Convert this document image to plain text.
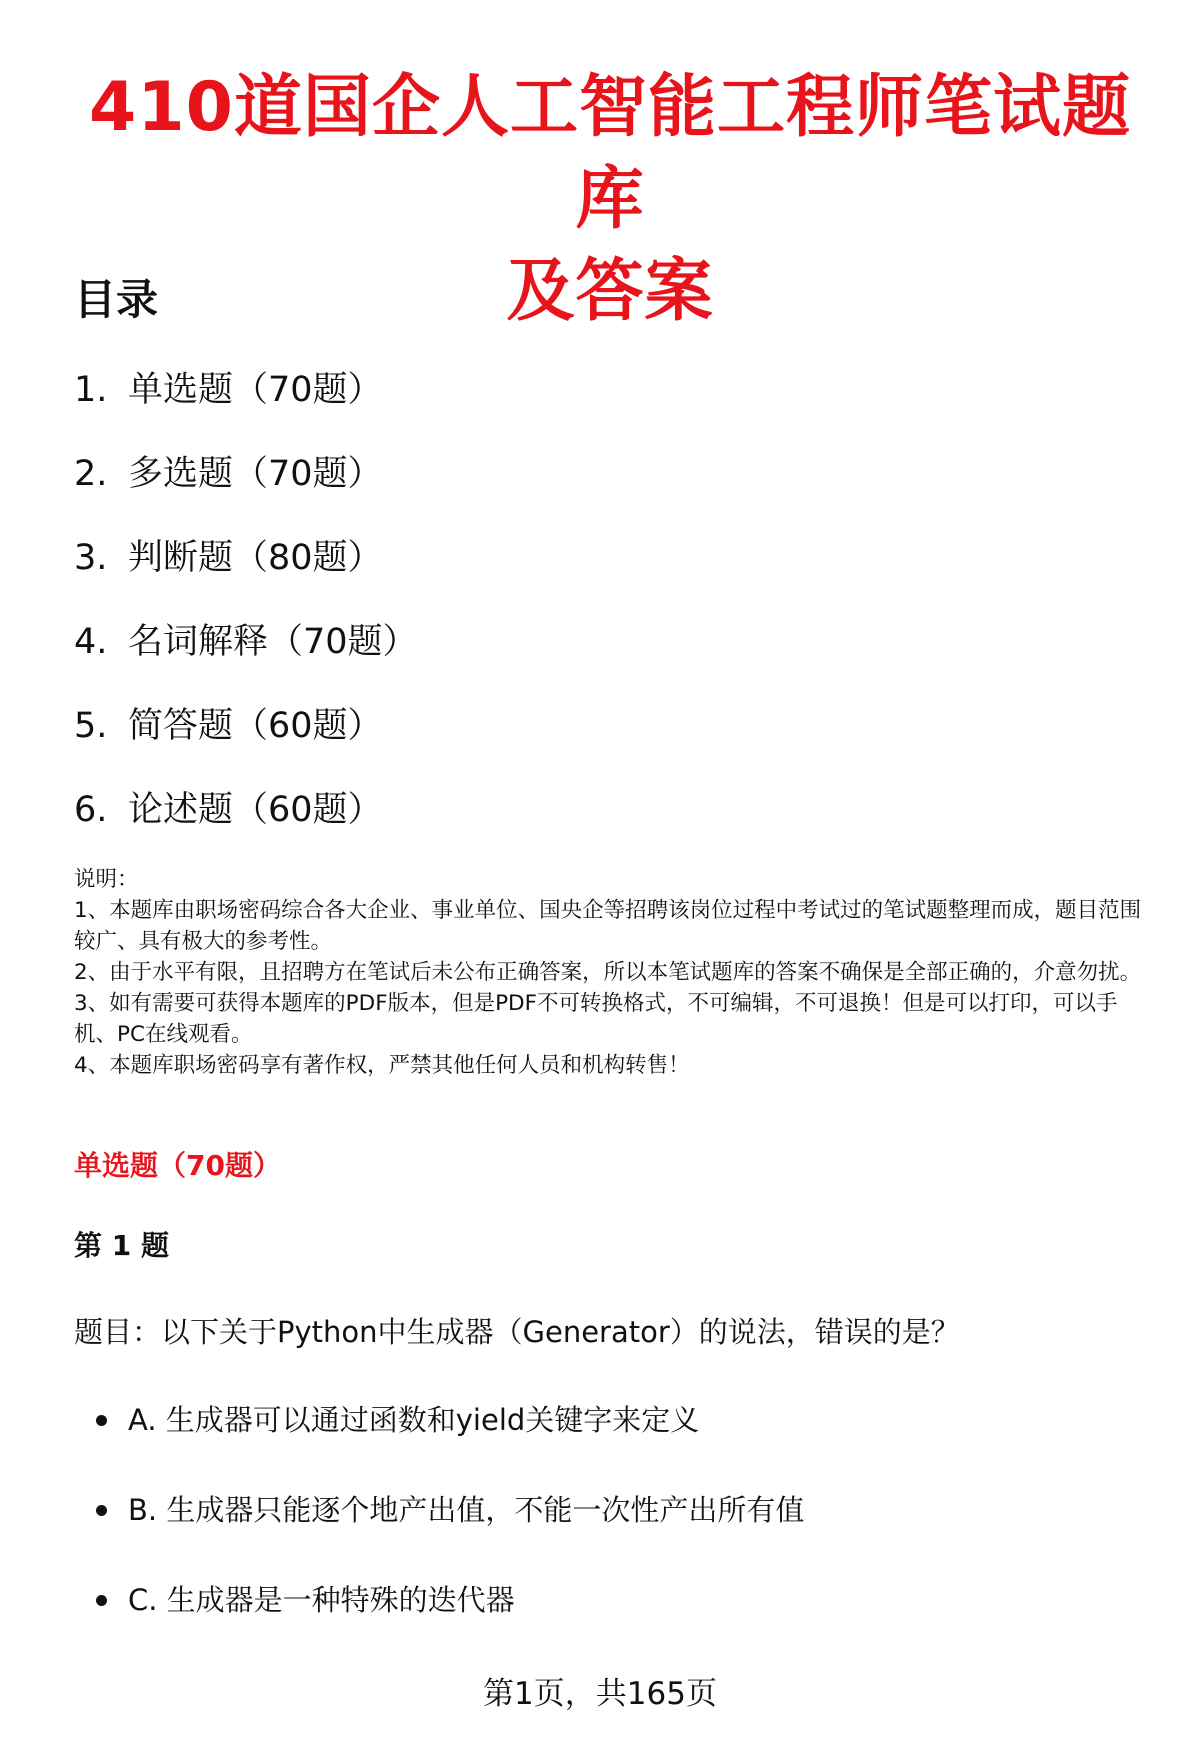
410道国企人工智能工程师笔试题库
及答案
目录
1. 单选题（70题）
2. 多选题（70题）
3. 判断题（80题）
4. 名词解释（70题）
5. 简答题（60题）
6. 论述题（60题）

说明：

1、本题库由职场密码综合各大企业、事业单位、国央企等招聘该岗位过程中考试过的笔试题整理而成，题目范围较广、具有极大的参考性。

2、由于水平有限，且招聘方在笔试后未公布正确答案，所以本笔试题库的答案不确保是全部正确的，介意勿扰。

3、如有需要可获得本题库的PDF版本，但是PDF不可转换格式，不可编辑，不可退换！但是可以打印，可以手机、PC在线观看。

4、本题库职场密码享有著作权，严禁其他任何人员和机构转售！

单选题（70题）
第 1 题

题目：以下关于Python中生成器（Generator）的说法，错误的是？

A. 生成器可以通过函数和yield关键字来定义
B. 生成器只能逐个地产出值，不能一次性产出所有值
C. 生成器是一种特殊的迭代器
第1页，共165页
